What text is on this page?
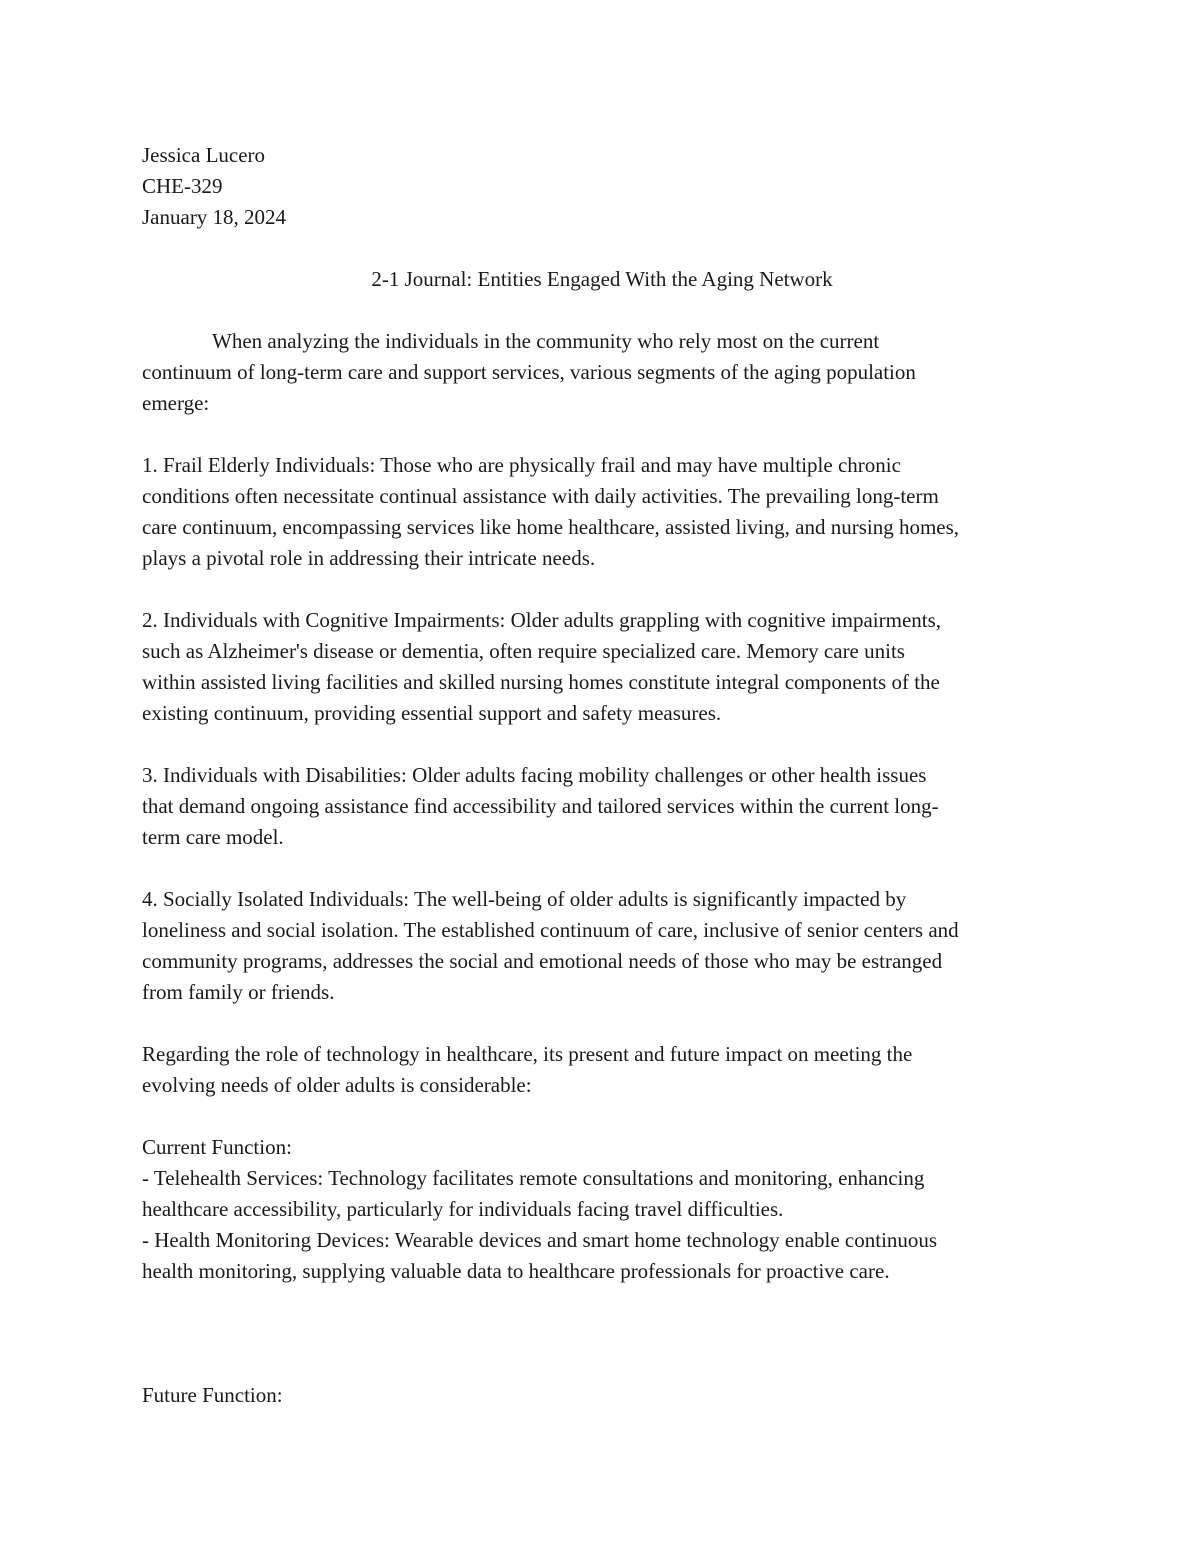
Jessica Lucero

CHE-329

January 18, 2024

2-1 Journal: Entities Engaged With the Aging Network

When analyzing the individuals in the community who rely most on the current

continuum of long-term care and support services, various segments of the aging population

emerge:

1. Frail Elderly Individuals: Those who are physically frail and may have multiple chronic

conditions often necessitate continual assistance with daily activities. The prevailing long-term

care continuum, encompassing services like home healthcare, assisted living, and nursing homes,

plays a pivotal role in addressing their intricate needs.

2. Individuals with Cognitive Impairments: Older adults grappling with cognitive impairments,

such as Alzheimer's disease or dementia, often require specialized care. Memory care units

within assisted living facilities and skilled nursing homes constitute integral components of the

existing continuum, providing essential support and safety measures.

3. Individuals with Disabilities: Older adults facing mobility challenges or other health issues

that demand ongoing assistance find accessibility and tailored services within the current long-

term care model.

4. Socially Isolated Individuals: The well-being of older adults is significantly impacted by

loneliness and social isolation. The established continuum of care, inclusive of senior centers and

community programs, addresses the social and emotional needs of those who may be estranged

from family or friends.

Regarding the role of technology in healthcare, its present and future impact on meeting the

evolving needs of older adults is considerable:

Current Function:

- Telehealth Services: Technology facilitates remote consultations and monitoring, enhancing

healthcare accessibility, particularly for individuals facing travel difficulties.

- Health Monitoring Devices: Wearable devices and smart home technology enable continuous

health monitoring, supplying valuable data to healthcare professionals for proactive care.

Future Function:
